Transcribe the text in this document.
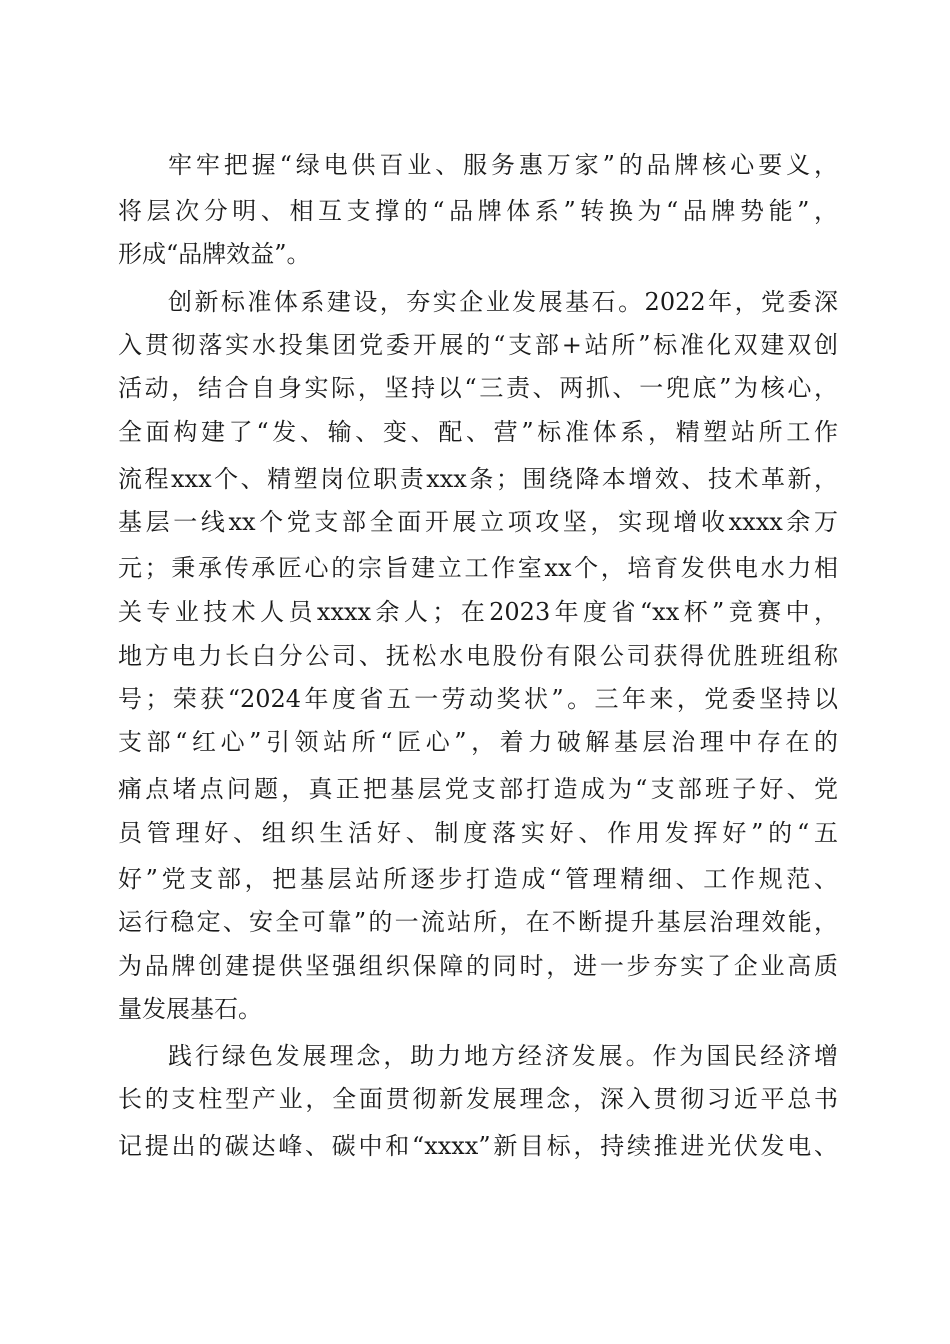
牢牢把握“绿电供百业、服务惠万家”的品牌核心要义，
将层次分明、相互支撑的“品牌体系”转换为“品牌势能”，
形成“品牌效益”。
创新标准体系建设，夯实企业发展基石。2022年，党委深
入贯彻落实水投集团党委开展的“支部+站所”标准化双建双创
活动，结合自身实际，坚持以“三责、两抓、一兜底”为核心，
全面构建了“发、输、变、配、营”标准体系，精塑站所工作
流程xxx个、精塑岗位职责xxx条；围绕降本增效、技术革新，
基层一线xx个党支部全面开展立项攻坚，实现增收xxxx余万
元；秉承传承匠心的宗旨建立工作室xx个，培育发供电水力相
关专业技术人员xxxx余人；在2023年度省“xx杯”竞赛中，
地方电力长白分公司、抚松水电股份有限公司获得优胜班组称
号；荣获“2024年度省五一劳动奖状”。三年来，党委坚持以
支部“红心”引领站所“匠心”，着力破解基层治理中存在的
痛点堵点问题，真正把基层党支部打造成为“支部班子好、党
员管理好、组织生活好、制度落实好、作用发挥好”的“五
好”党支部，把基层站所逐步打造成“管理精细、工作规范、
运行稳定、安全可靠”的一流站所，在不断提升基层治理效能，
为品牌创建提供坚强组织保障的同时，进一步夯实了企业高质
量发展基石。
践行绿色发展理念，助力地方经济发展。作为国民经济增
长的支柱型产业，全面贯彻新发展理念，深入贯彻习近平总书
记提出的碳达峰、碳中和“xxxx”新目标，持续推进光伏发电、
